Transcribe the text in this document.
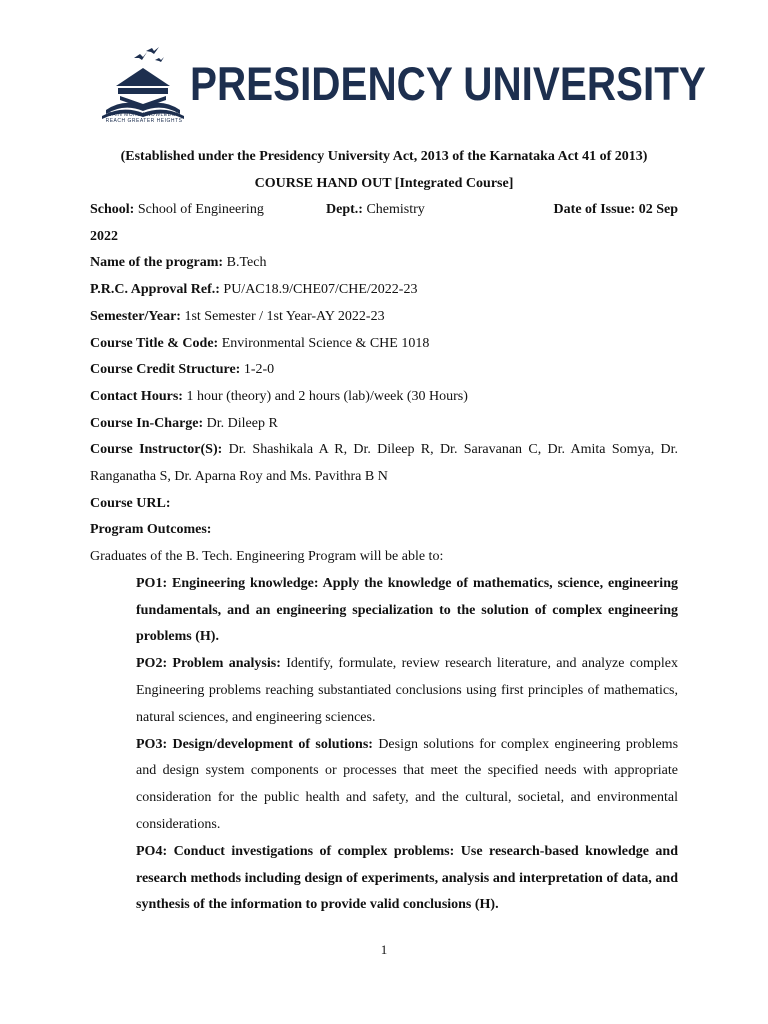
GAIN MORE KNOWLEDGE REACH GREATER HEIGHTS
PRESIDENCY UNIVERSITY
(Established under the Presidency University Act, 2013 of the Karnataka Act 41 of 2013)
COURSE HAND OUT [Integrated Course]
School: School of Engineering	Dept.: Chemistry	Date of Issue: 02 Sep
2022
Name of the program: B.Tech
P.R.C. Approval Ref.: PU/AC18.9/CHE07/CHE/2022-23
Semester/Year: 1st Semester / 1st Year-AY 2022-23
Course Title & Code: Environmental Science & CHE 1018
Course Credit Structure: 1-2-0
Contact Hours: 1 hour (theory) and 2 hours (lab)/week (30 Hours)
Course In-Charge: Dr. Dileep R
Course Instructor(S): Dr. Shashikala A R, Dr. Dileep R, Dr. Saravanan C, Dr. Amita Somya, Dr. Ranganatha S, Dr. Aparna Roy and Ms. Pavithra B N
Course URL:
Program Outcomes:
Graduates of the B. Tech. Engineering Program will be able to:

PO1: Engineering knowledge: Apply the knowledge of mathematics, science, engineering fundamentals, and an engineering specialization to the solution of complex engineering problems (H).

PO2: Problem analysis: Identify, formulate, review research literature, and analyze complex Engineering problems reaching substantiated conclusions using first principles of mathematics, natural sciences, and engineering sciences.

PO3: Design/development of solutions: Design solutions for complex engineering problems and design system components or processes that meet the specified needs with appropriate consideration for the public health and safety, and the cultural, societal, and environmental considerations.

PO4: Conduct investigations of complex problems: Use research-based knowledge and research methods including design of experiments, analysis and interpretation of data, and synthesis of the information to provide valid conclusions (H).

1
